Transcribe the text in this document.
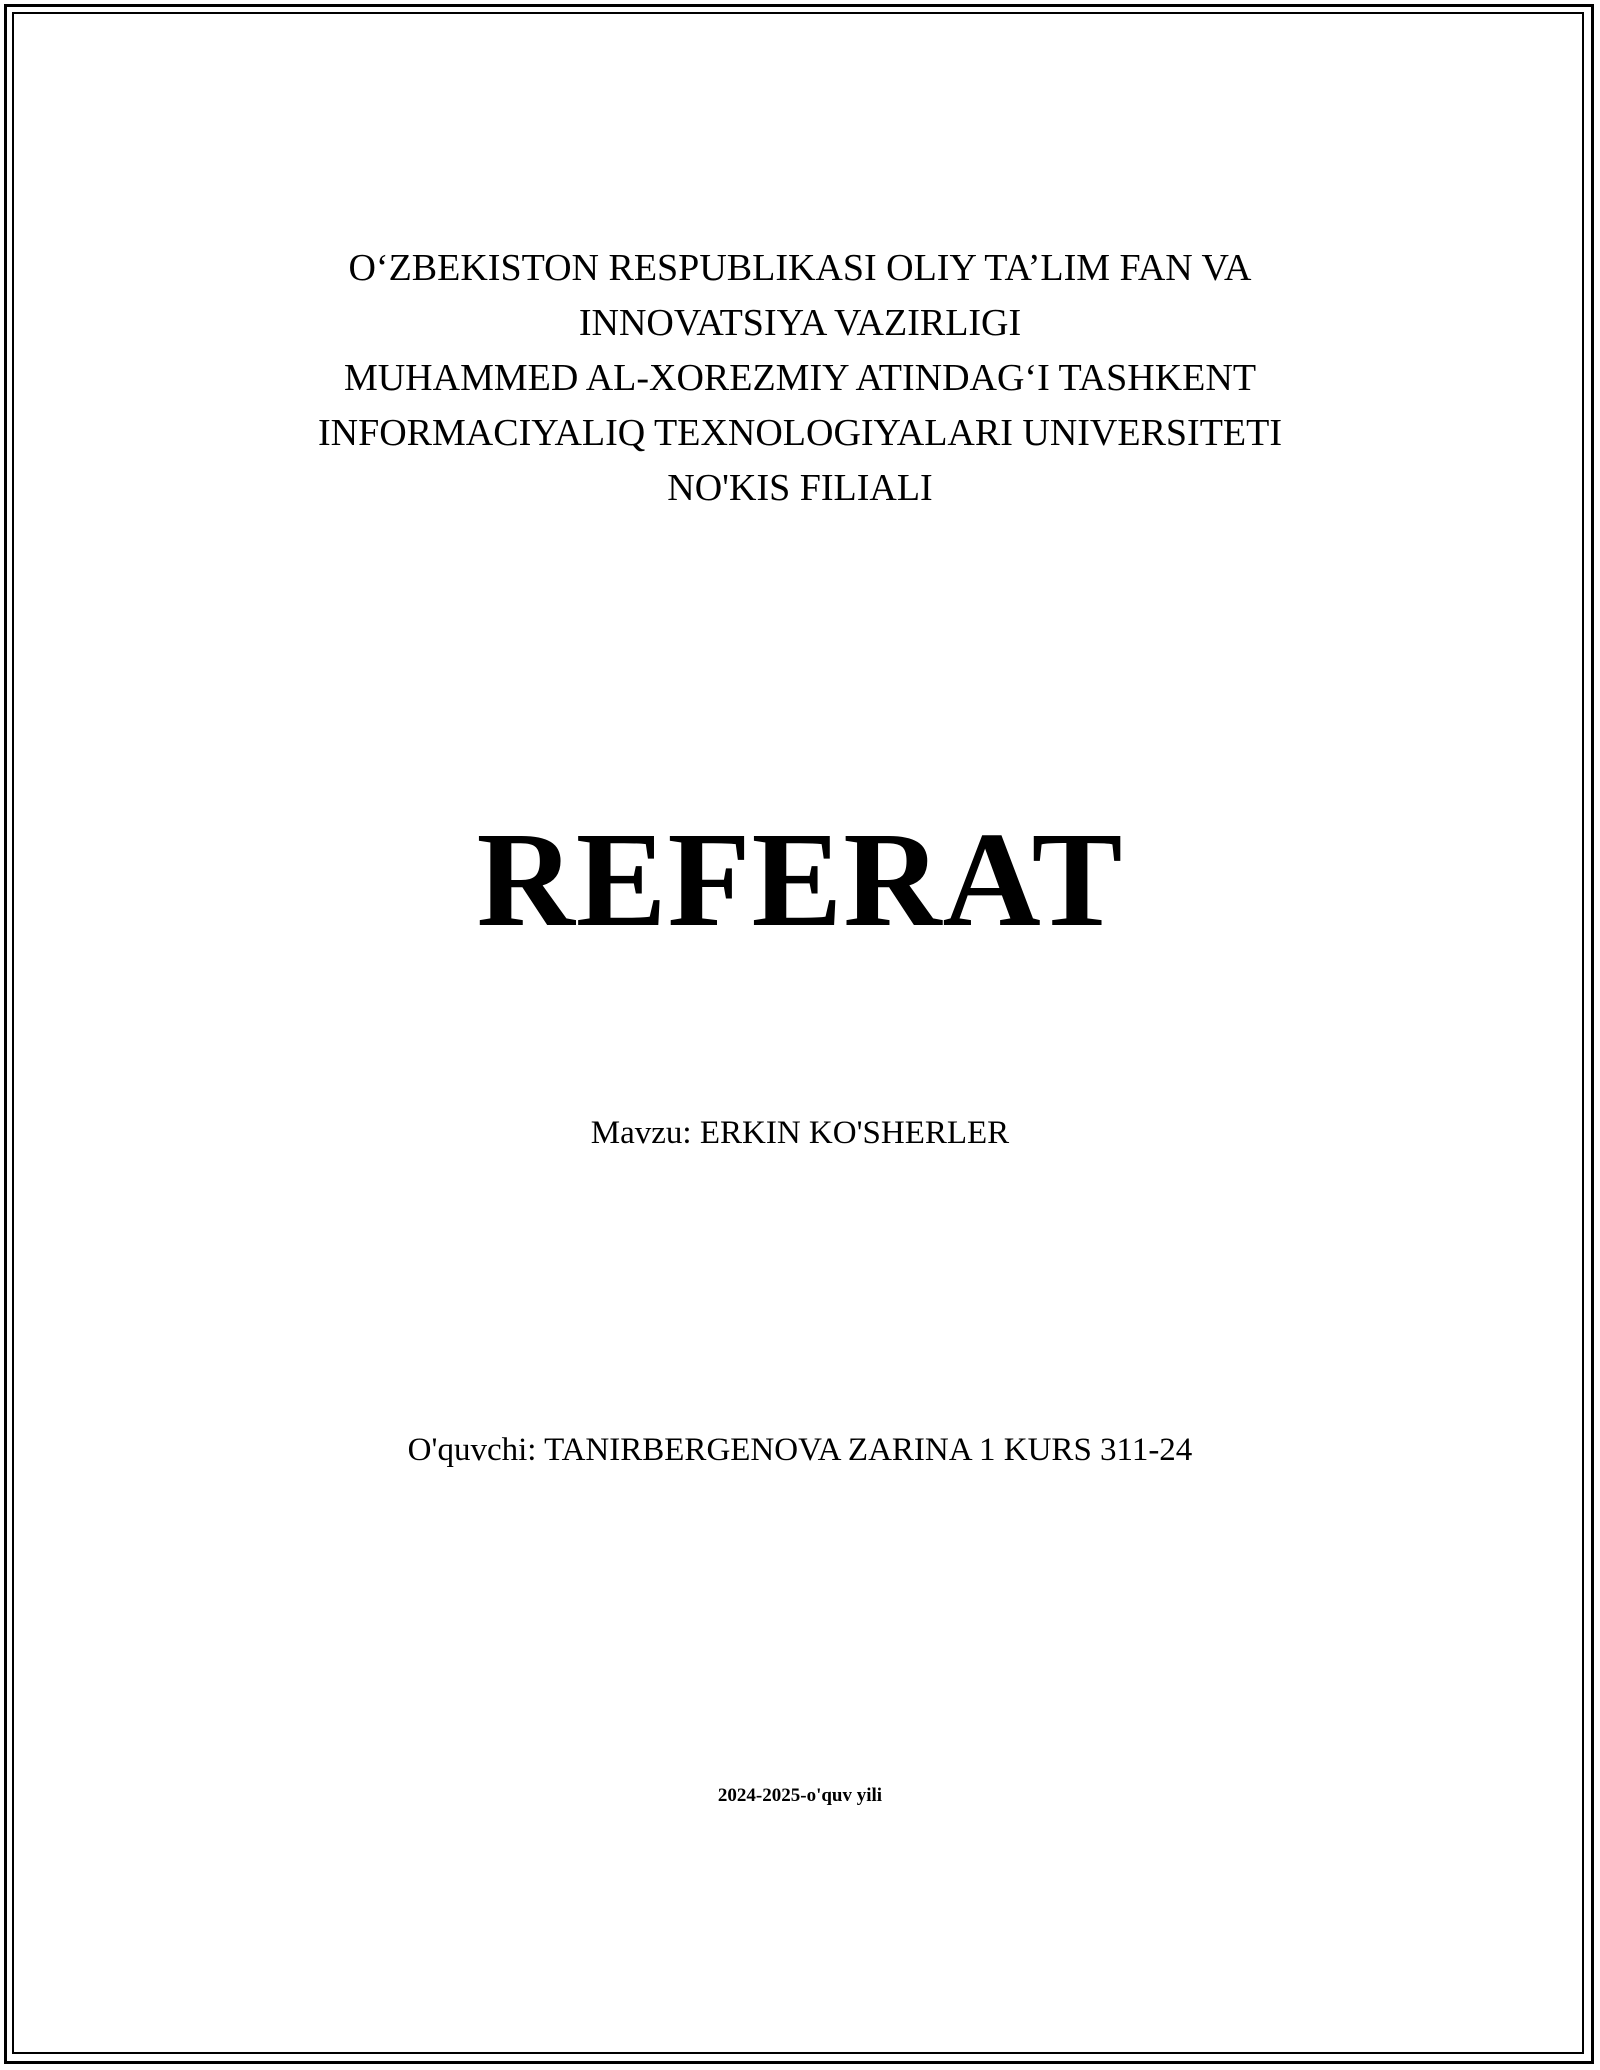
O‘ZBEKISTON RESPUBLIKASI OLIY TA’LIM FAN VA
INNOVATSIYA VAZIRLIGI
MUHAMMED AL-XOREZMIY ATINDAG‘I TASHKENT
INFORMACIYALIQ TEXNOLOGIYALARI UNIVERSITETI
NO'KIS FILIALI
REFERAT
Mavzu: ERKIN KO'SHERLER
O'quvchi: TANIRBERGENOVA ZARINA 1 KURS 311-24
2024-2025-o'quv yili
